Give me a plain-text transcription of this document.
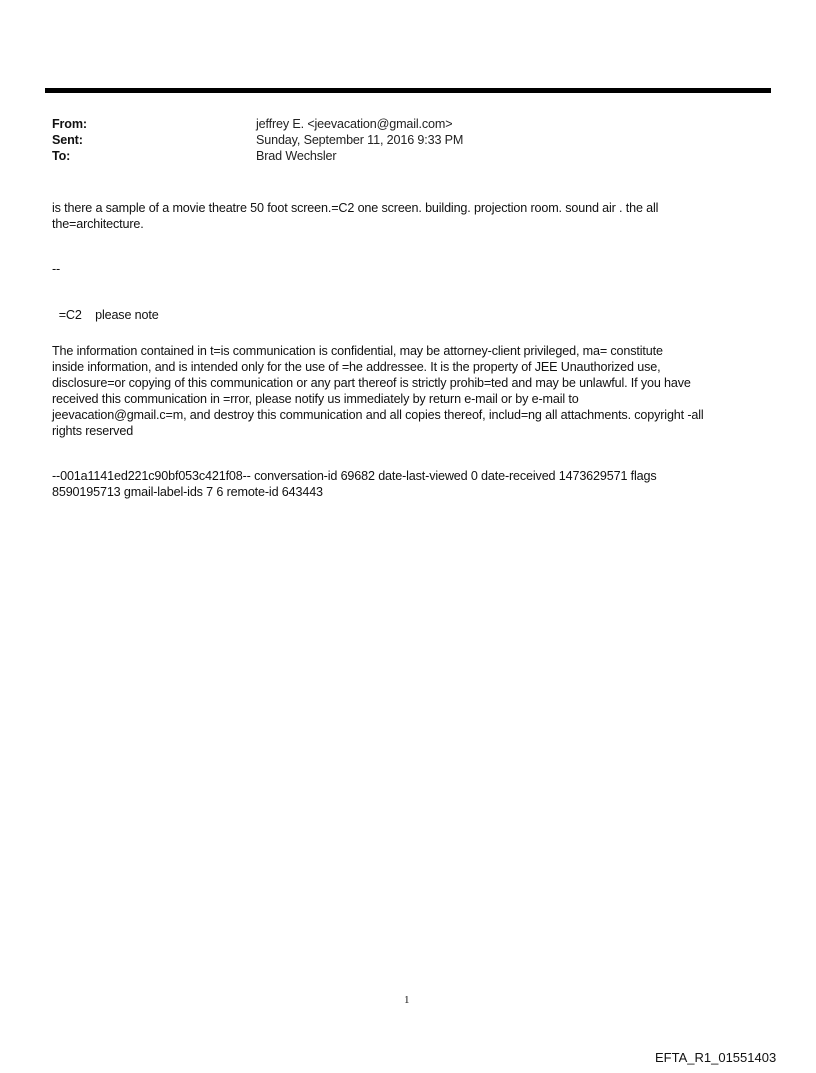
From:	jeffrey E. <jeevacation@gmail.com>
Sent:	Sunday, September 11, 2016 9:33 PM
To:	Brad Wechsler
is there a sample of a movie theatre 50 foot screen.=C2 one screen. building. projection room. sound air . the all
the=architecture.
--
=C2    please note
The information contained in t=is communication is confidential, may be attorney-client privileged, ma= constitute
inside information, and is intended only for the use of =he addressee. It is the property of JEE Unauthorized use,
disclosure=or copying of this communication or any part thereof is strictly prohib=ted and may be unlawful. If you have
received this communication in =rror, please notify us immediately by return e-mail or by e-mail to
jeevacation@gmail.c=m, and destroy this communication and all copies thereof, includ=ng all attachments. copyright -all
rights reserved
--001a1141ed221c90bf053c421f08-- conversation-id 69682 date-last-viewed 0 date-received 1473629571 flags
8590195713 gmail-label-ids 7 6 remote-id 643443
1
EFTA_R1_01551403
